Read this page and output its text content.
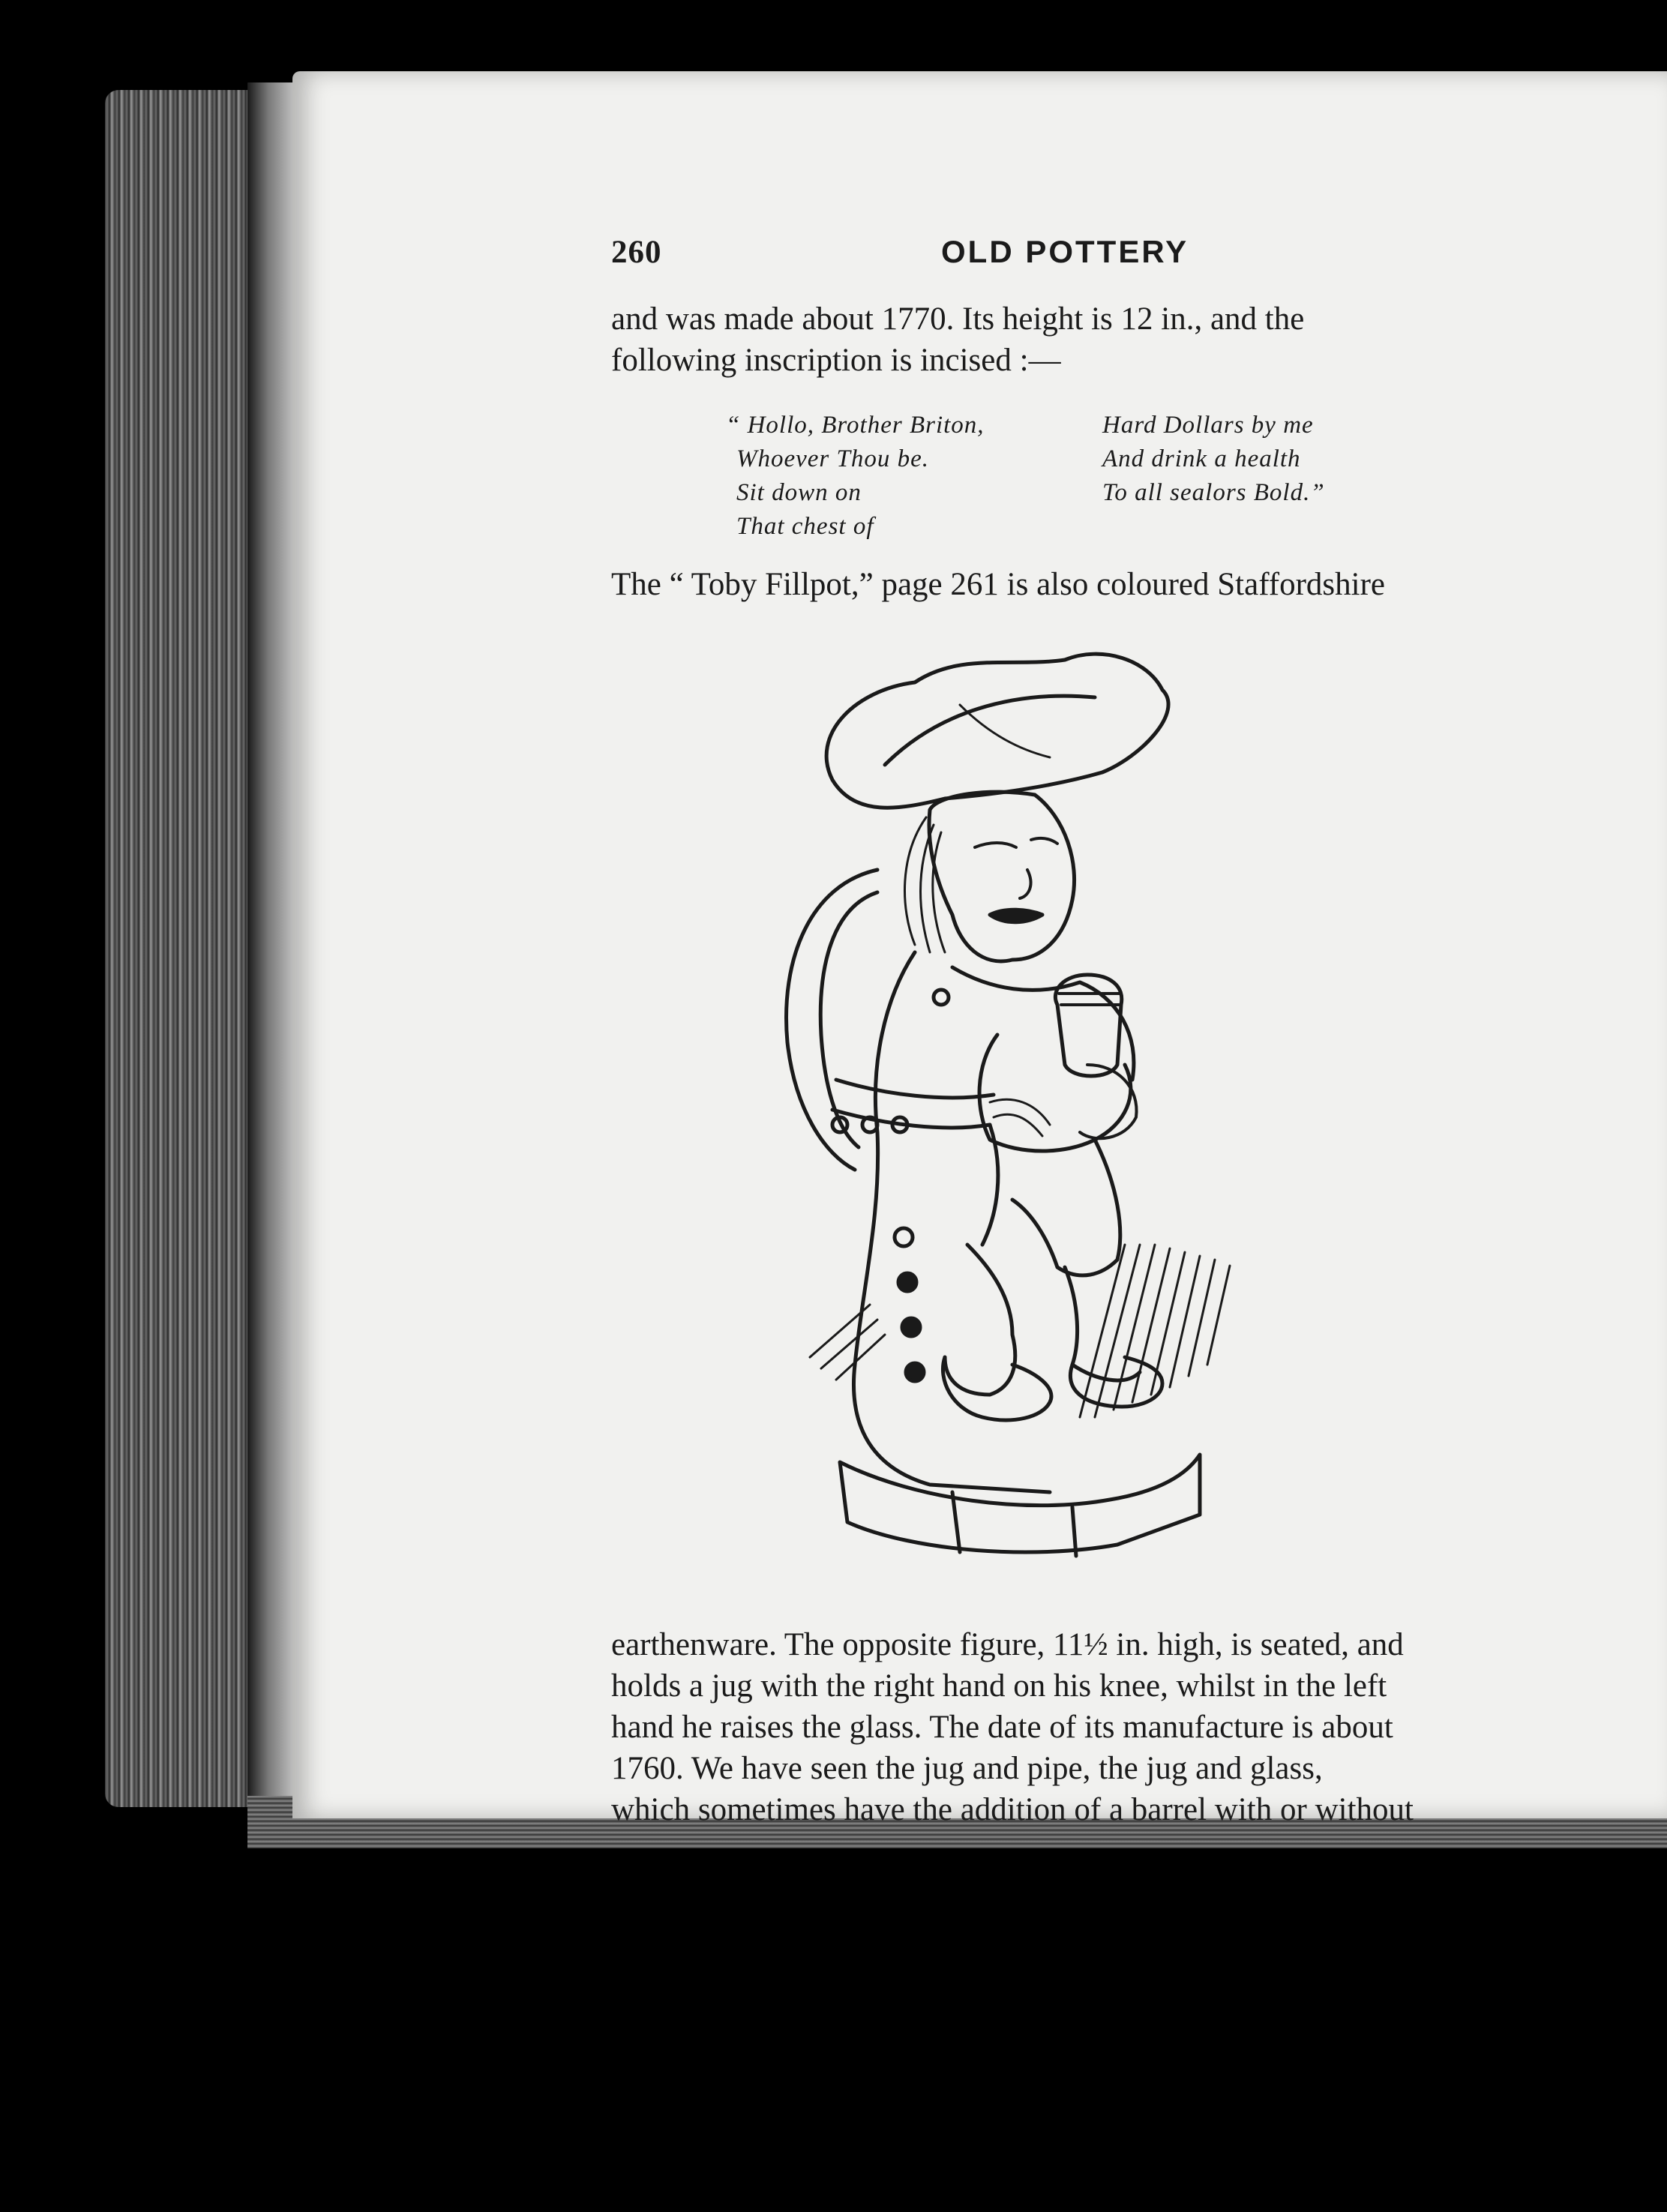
260	OLD POTTERY

and was made about 1770. Its height is 12 in., and the
following inscription is incised :—

“ Hollo, Brother Briton,
Whoever Thou be.
Sit down on
That chest of
Hard Dollars by me
And drink a health
To all sealors Bold.”

The “ Toby Fillpot,” page 261 is also coloured Staffordshire

earthenware. The opposite figure, 11½ in. high, is seated, and
holds a jug with the right hand on his knee, whilst in the left
hand he raises the glass. The date of its manufacture is about
1760. We have seen the jug and pipe, the jug and glass,
which sometimes have the addition of a barrel with or without
